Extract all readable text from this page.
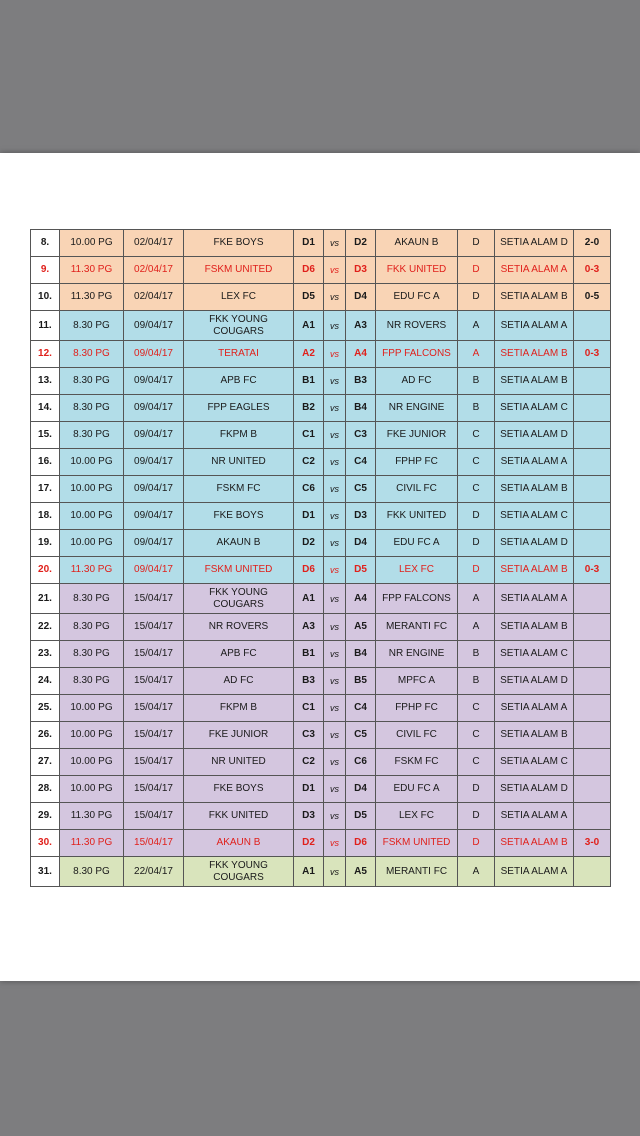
8.	10.00 PG	02/04/17	FKE BOYS	D1	vs	D2	AKAUN B	D	SETIA ALAM D	2-0
9.	11.30 PG	02/04/17	FSKM UNITED	D6	vs	D3	FKK UNITED	D	SETIA ALAM A	0-3
10.	11.30 PG	02/04/17	LEX FC	D5	vs	D4	EDU FC A	D	SETIA ALAM B	0-5
11.	8.30 PG	09/04/17	FKK YOUNG COUGARS	A1	vs	A3	NR ROVERS	A	SETIA ALAM A	
12.	8.30 PG	09/04/17	TERATAI	A2	vs	A4	FPP FALCONS	A	SETIA ALAM B	0-3
13.	8.30 PG	09/04/17	APB FC	B1	vs	B3	AD FC	B	SETIA ALAM B	
14.	8.30 PG	09/04/17	FPP EAGLES	B2	vs	B4	NR ENGINE	B	SETIA ALAM C	
15.	8.30 PG	09/04/17	FKPM B	C1	vs	C3	FKE JUNIOR	C	SETIA ALAM D	
16.	10.00 PG	09/04/17	NR UNITED	C2	vs	C4	FPHP FC	C	SETIA ALAM A	
17.	10.00 PG	09/04/17	FSKM FC	C6	vs	C5	CIVIL FC	C	SETIA ALAM B	
18.	10.00 PG	09/04/17	FKE BOYS	D1	vs	D3	FKK UNITED	D	SETIA ALAM C	
19.	10.00 PG	09/04/17	AKAUN B	D2	vs	D4	EDU FC A	D	SETIA ALAM D	
20.	11.30 PG	09/04/17	FSKM UNITED	D6	vs	D5	LEX FC	D	SETIA ALAM B	0-3
21.	8.30 PG	15/04/17	FKK YOUNG COUGARS	A1	vs	A4	FPP FALCONS	A	SETIA ALAM A	
22.	8.30 PG	15/04/17	NR ROVERS	A3	vs	A5	MERANTI FC	A	SETIA ALAM B	
23.	8.30 PG	15/04/17	APB FC	B1	vs	B4	NR ENGINE	B	SETIA ALAM C	
24.	8.30 PG	15/04/17	AD FC	B3	vs	B5	MPFC A	B	SETIA ALAM D	
25.	10.00 PG	15/04/17	FKPM B	C1	vs	C4	FPHP FC	C	SETIA ALAM A	
26.	10.00 PG	15/04/17	FKE JUNIOR	C3	vs	C5	CIVIL FC	C	SETIA ALAM B	
27.	10.00 PG	15/04/17	NR UNITED	C2	vs	C6	FSKM FC	C	SETIA ALAM C	
28.	10.00 PG	15/04/17	FKE BOYS	D1	vs	D4	EDU FC A	D	SETIA ALAM D	
29.	11.30 PG	15/04/17	FKK UNITED	D3	vs	D5	LEX FC	D	SETIA ALAM A	
30.	11.30 PG	15/04/17	AKAUN B	D2	vs	D6	FSKM UNITED	D	SETIA ALAM B	3-0
31.	8.30 PG	22/04/17	FKK YOUNG COUGARS	A1	vs	A5	MERANTI FC	A	SETIA ALAM A	
